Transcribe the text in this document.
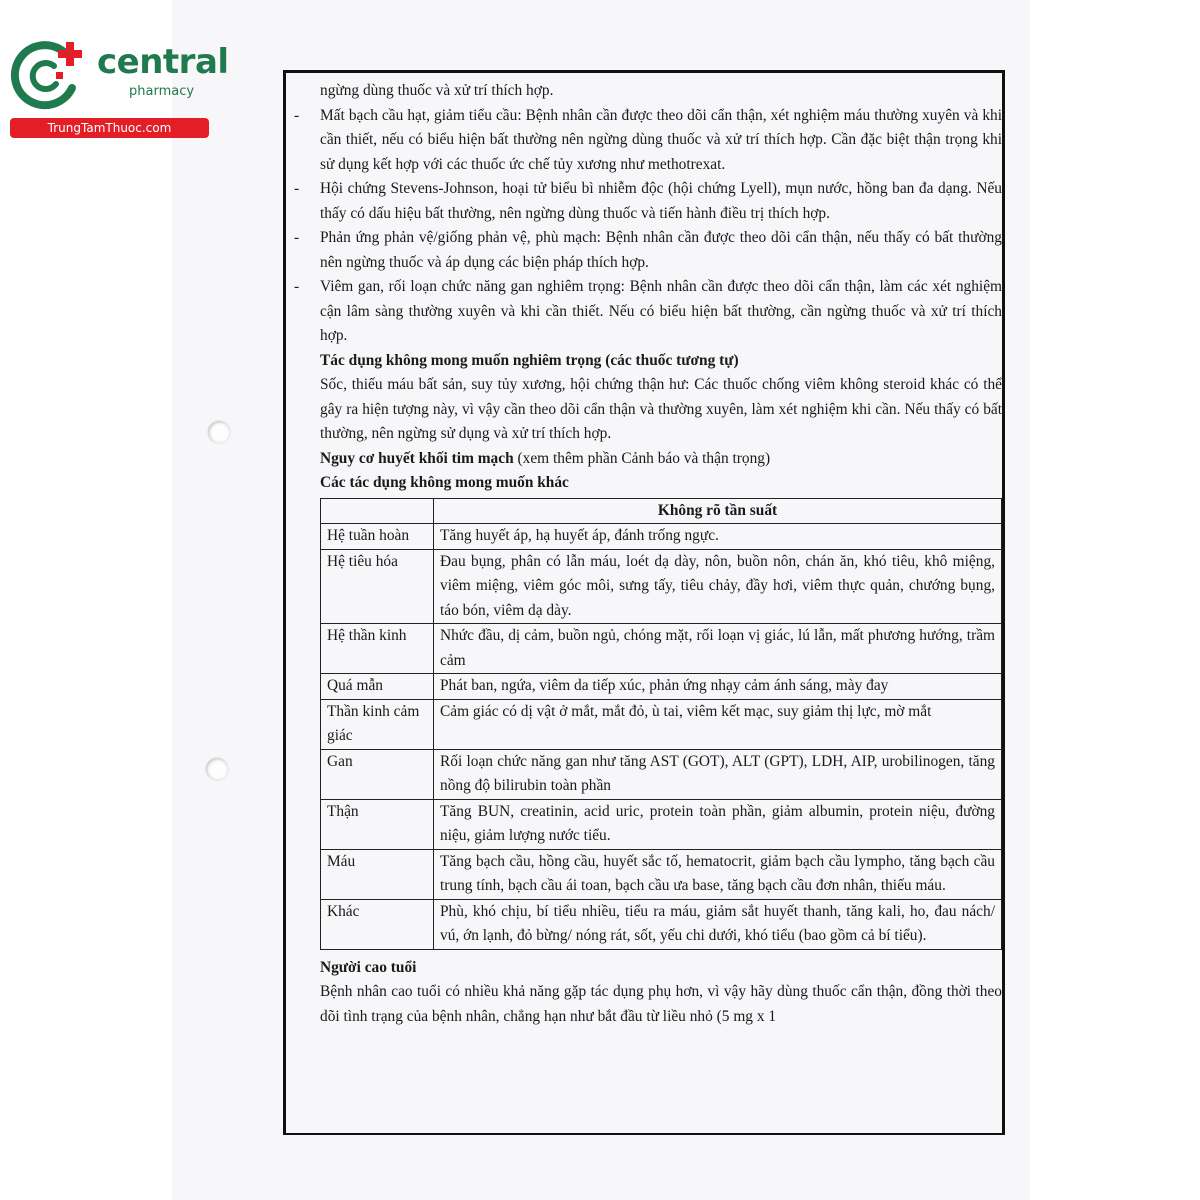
central
pharmacy
TrungTamThuoc.com

ngừng dùng thuốc và xử trí thích hợp.

- Mất bạch cầu hạt, giảm tiểu cầu: Bệnh nhân cần được theo dõi cẩn thận, xét nghiệm máu thường xuyên và khi cần thiết, nếu có biểu hiện bất thường nên ngừng dùng thuốc và xử trí thích hợp. Cần đặc biệt thận trọng khi sử dụng kết hợp với các thuốc ức chế tủy xương như methotrexat.

- Hội chứng Stevens-Johnson, hoại tử biểu bì nhiễm độc (hội chứng Lyell), mụn nước, hồng ban đa dạng. Nếu thấy có dấu hiệu bất thường, nên ngừng dùng thuốc và tiến hành điều trị thích hợp.

- Phản ứng phản vệ/giống phản vệ, phù mạch: Bệnh nhân cần được theo dõi cẩn thận, nếu thấy có bất thường nên ngừng thuốc và áp dụng các biện pháp thích hợp.

- Viêm gan, rối loạn chức năng gan nghiêm trọng: Bệnh nhân cần được theo dõi cẩn thận, làm các xét nghiệm cận lâm sàng thường xuyên và khi cần thiết. Nếu có biểu hiện bất thường, cần ngừng thuốc và xử trí thích hợp.

Tác dụng không mong muốn nghiêm trọng (các thuốc tương tự)

Sốc, thiếu máu bất sản, suy tủy xương, hội chứng thận hư: Các thuốc chống viêm không steroid khác có thể gây ra hiện tượng này, vì vậy cần theo dõi cẩn thận và thường xuyên, làm xét nghiệm khi cần. Nếu thấy có bất thường, nên ngừng sử dụng và xử trí thích hợp.

Nguy cơ huyết khối tim mạch (xem thêm phần Cảnh báo và thận trọng)

Các tác dụng không mong muốn khác

	Không rõ tần suất
Hệ tuần hoàn	Tăng huyết áp, hạ huyết áp, đánh trống ngực.
Hệ tiêu hóa	Đau bụng, phân có lẫn máu, loét dạ dày, nôn, buồn nôn, chán ăn, khó tiêu, khô miệng, viêm miệng, viêm góc môi, sưng tấy, tiêu chảy, đầy hơi, viêm thực quản, chướng bụng, táo bón, viêm dạ dày.
Hệ thần kinh	Nhức đầu, dị cảm, buồn ngủ, chóng mặt, rối loạn vị giác, lú lẫn, mất phương hướng, trầm cảm
Quá mẫn	Phát ban, ngứa, viêm da tiếp xúc, phản ứng nhạy cảm ánh sáng, mày đay
Thần kinh cảm giác	Cảm giác có dị vật ở mắt, mắt đỏ, ù tai, viêm kết mạc, suy giảm thị lực, mờ mắt
Gan	Rối loạn chức năng gan như tăng AST (GOT), ALT (GPT), LDH, AIP, urobilinogen, tăng nồng độ bilirubin toàn phần
Thận	Tăng BUN, creatinin, acid uric, protein toàn phần, giảm albumin, protein niệu, đường niệu, giảm lượng nước tiểu.
Máu	Tăng bạch cầu, hồng cầu, huyết sắc tố, hematocrit, giảm bạch cầu lympho, tăng bạch cầu trung tính, bạch cầu ái toan, bạch cầu ưa base, tăng bạch cầu đơn nhân, thiếu máu.
Khác	Phù, khó chịu, bí tiểu nhiều, tiểu ra máu, giảm sắt huyết thanh, tăng kali, ho, đau nách/ vú, ớn lạnh, đỏ bừng/ nóng rát, sốt, yếu chi dưới, khó tiểu (bao gồm cả bí tiểu).

Người cao tuổi

Bệnh nhân cao tuổi có nhiều khả năng gặp tác dụng phụ hơn, vì vậy hãy dùng thuốc cẩn thận, đồng thời theo dõi tình trạng của bệnh nhân, chẳng hạn như bắt đầu từ liều nhỏ (5 mg x 1
